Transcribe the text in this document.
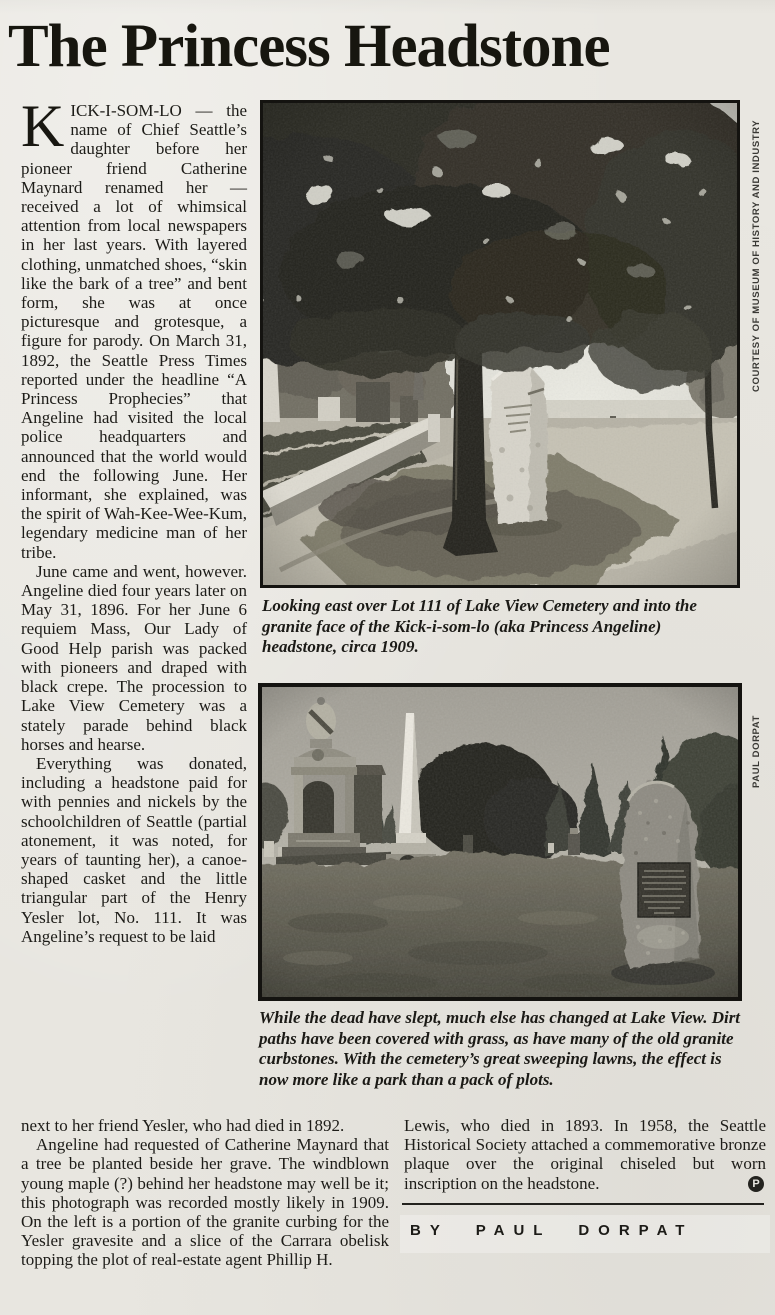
The Princess Headstone

KICK-I-SOM-LO — the name of Chief Seattle’s daughter before her pioneer friend Catherine Maynard renamed her — received a lot of whimsical attention from local newspapers in her last years. With layered clothing, unmatched shoes, “skin like the bark of a tree” and bent form, she was at once picturesque and grotesque, a figure for parody. On March 31, 1892, the Seattle Press Times reported under the headline “A Princess Prophecies” that Angeline had visited the local police headquarters and announced that the world would end the following June. Her informant, she explained, was the spirit of Wah-Kee-Wee-Kum, legendary medicine man of her tribe.

June came and went, however. Angeline died four years later on May 31, 1896. For her June 6 requiem Mass, Our Lady of Good Help parish was packed with pioneers and draped with black crepe. The procession to Lake View Cemetery was a stately parade behind black horses and hearse.

Everything was donated, including a headstone paid for with pennies and nickels by the schoolchildren of Seattle (partial atonement, it was noted, for years of taunting her), a canoe-shaped casket and the little triangular part of the Henry Yesler lot, No. 111. It was Angeline’s request to be laid

COURTESY OF MUSEUM OF HISTORY AND INDUSTRY
Looking east over Lot 111 of Lake View Cemetery and into the granite face of the Kick-i-som-lo (aka Princess Angeline) headstone, circa 1909.
PAUL DORPAT
While the dead have slept, much else has changed at Lake View. Dirt paths have been covered with grass, as have many of the old granite curbstones. With the cemetery’s great sweeping lawns, the effect is now more like a park than a pack of plots.
next to her friend Yesler, who had died in 1892.

Angeline had requested of Catherine Maynard that a tree be planted beside her grave. The windblown young maple (?) behind her headstone may well be it; this photograph was recorded mostly likely in 1909. On the left is a portion of the granite curbing for the Yesler gravesite and a slice of the Carrara obelisk topping the plot of real-estate agent Phillip H.

Lewis, who died in 1893. In 1958, the Seattle Historical Society attached a commemorative bronze plaque over the original chiseled but worn inscription on the headstone.	P

BY PAUL DORPAT
